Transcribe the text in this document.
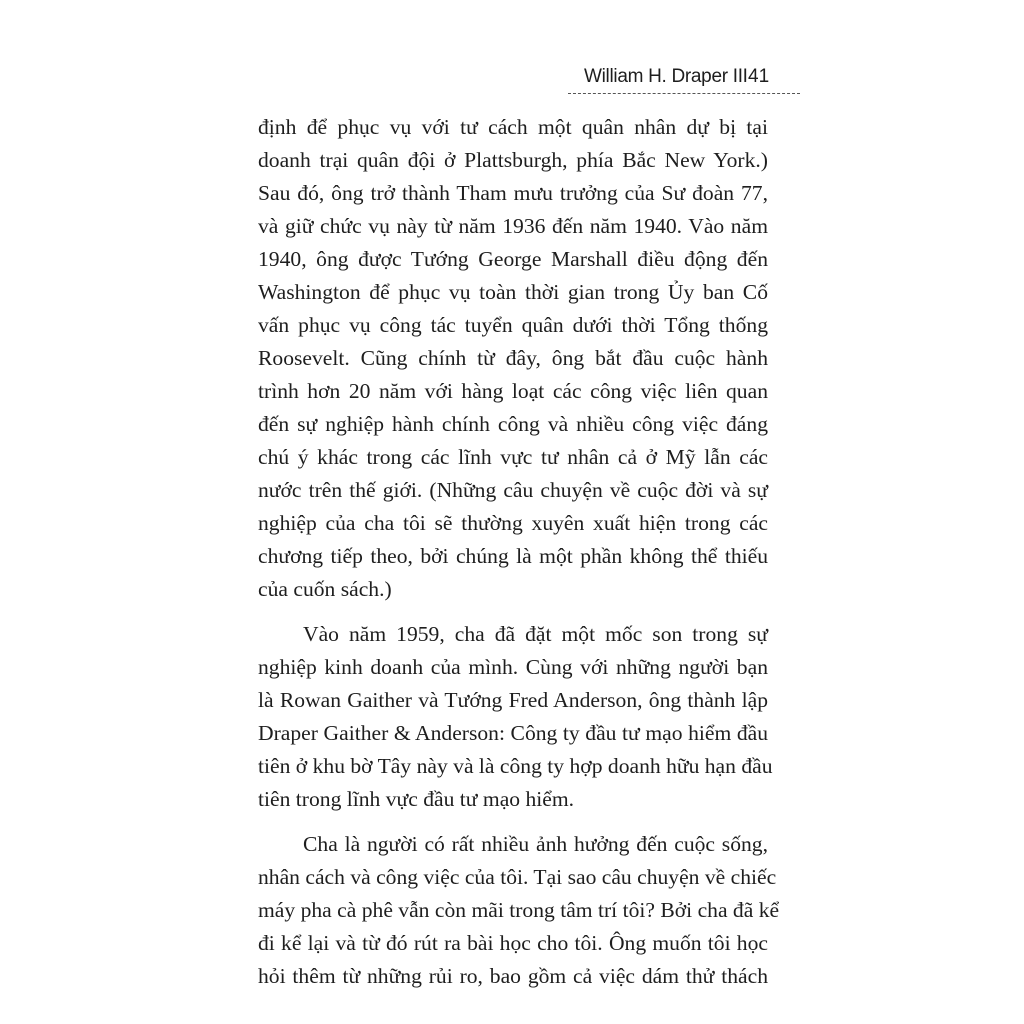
William H. Draper III 41

định để phục vụ với tư cách một quân nhân dự bị tại
doanh trại quân đội ở Plattsburgh, phía Bắc New York.)
Sau đó, ông trở thành Tham mưu trưởng của Sư đoàn 77,
và giữ chức vụ này từ năm 1936 đến năm 1940. Vào năm
1940, ông được Tướng George Marshall điều động đến
Washington để phục vụ toàn thời gian trong Ủy ban Cố
vấn phục vụ công tác tuyển quân dưới thời Tổng thống
Roosevelt. Cũng chính từ đây, ông bắt đầu cuộc hành
trình hơn 20 năm với hàng loạt các công việc liên quan
đến sự nghiệp hành chính công và nhiều công việc đáng
chú ý khác trong các lĩnh vực tư nhân cả ở Mỹ lẫn các
nước trên thế giới. (Những câu chuyện về cuộc đời và sự
nghiệp của cha tôi sẽ thường xuyên xuất hiện trong các
chương tiếp theo, bởi chúng là một phần không thể thiếu
của cuốn sách.)

Vào năm 1959, cha đã đặt một mốc son trong sự
nghiệp kinh doanh của mình. Cùng với những người bạn
là Rowan Gaither và Tướng Fred Anderson, ông thành lập
Draper Gaither & Anderson: Công ty đầu tư mạo hiểm đầu
tiên ở khu bờ Tây này và là công ty hợp doanh hữu hạn đầu
tiên trong lĩnh vực đầu tư mạo hiểm.

Cha là người có rất nhiều ảnh hưởng đến cuộc sống,
nhân cách và công việc của tôi. Tại sao câu chuyện về chiếc
máy pha cà phê vẫn còn mãi trong tâm trí tôi? Bởi cha đã kể
đi kể lại và từ đó rút ra bài học cho tôi. Ông muốn tôi học
hỏi thêm từ những rủi ro, bao gồm cả việc dám thử thách
